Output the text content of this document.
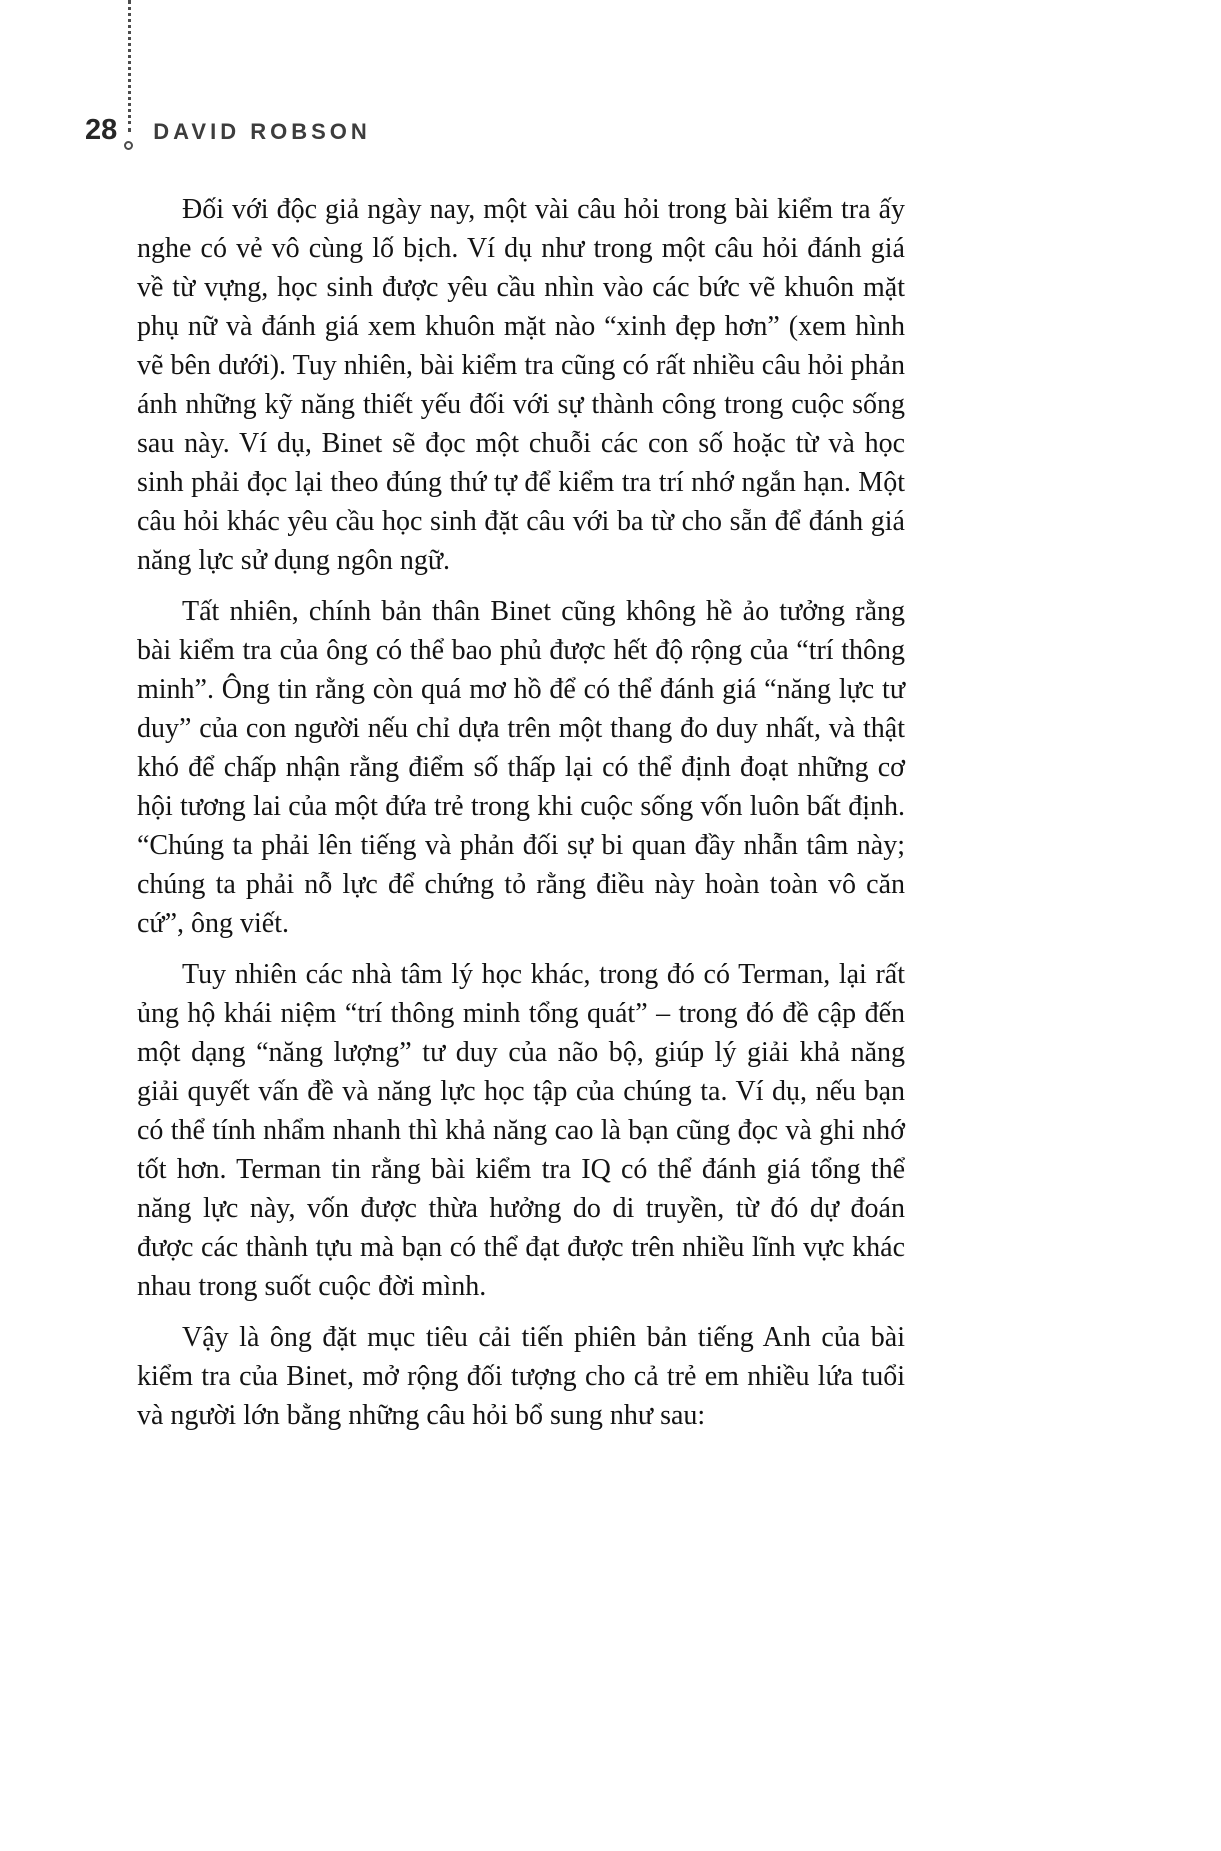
28 DAVID ROBSON

Đối với độc giả ngày nay, một vài câu hỏi trong bài kiểm tra ấy nghe có vẻ vô cùng lố bịch. Ví dụ như trong một câu hỏi đánh giá về từ vựng, học sinh được yêu cầu nhìn vào các bức vẽ khuôn mặt phụ nữ và đánh giá xem khuôn mặt nào “xinh đẹp hơn” (xem hình vẽ bên dưới). Tuy nhiên, bài kiểm tra cũng có rất nhiều câu hỏi phản ánh những kỹ năng thiết yếu đối với sự thành công trong cuộc sống sau này. Ví dụ, Binet sẽ đọc một chuỗi các con số hoặc từ và học sinh phải đọc lại theo đúng thứ tự để kiểm tra trí nhớ ngắn hạn. Một câu hỏi khác yêu cầu học sinh đặt câu với ba từ cho sẵn để đánh giá năng lực sử dụng ngôn ngữ.

Tất nhiên, chính bản thân Binet cũng không hề ảo tưởng rằng bài kiểm tra của ông có thể bao phủ được hết độ rộng của “trí thông minh”. Ông tin rằng còn quá mơ hồ để có thể đánh giá “năng lực tư duy” của con người nếu chỉ dựa trên một thang đo duy nhất, và thật khó để chấp nhận rằng điểm số thấp lại có thể định đoạt những cơ hội tương lai của một đứa trẻ trong khi cuộc sống vốn luôn bất định. “Chúng ta phải lên tiếng và phản đối sự bi quan đầy nhẫn tâm này; chúng ta phải nỗ lực để chứng tỏ rằng điều này hoàn toàn vô căn cứ”, ông viết.

Tuy nhiên các nhà tâm lý học khác, trong đó có Terman, lại rất ủng hộ khái niệm “trí thông minh tổng quát” – trong đó đề cập đến một dạng “năng lượng” tư duy của não bộ, giúp lý giải khả năng giải quyết vấn đề và năng lực học tập của chúng ta. Ví dụ, nếu bạn có thể tính nhẩm nhanh thì khả năng cao là bạn cũng đọc và ghi nhớ tốt hơn. Terman tin rằng bài kiểm tra IQ có thể đánh giá tổng thể năng lực này, vốn được thừa hưởng do di truyền, từ đó dự đoán được các thành tựu mà bạn có thể đạt được trên nhiều lĩnh vực khác nhau trong suốt cuộc đời mình.

Vậy là ông đặt mục tiêu cải tiến phiên bản tiếng Anh của bài kiểm tra của Binet, mở rộng đối tượng cho cả trẻ em nhiều lứa tuổi và người lớn bằng những câu hỏi bổ sung như sau:
